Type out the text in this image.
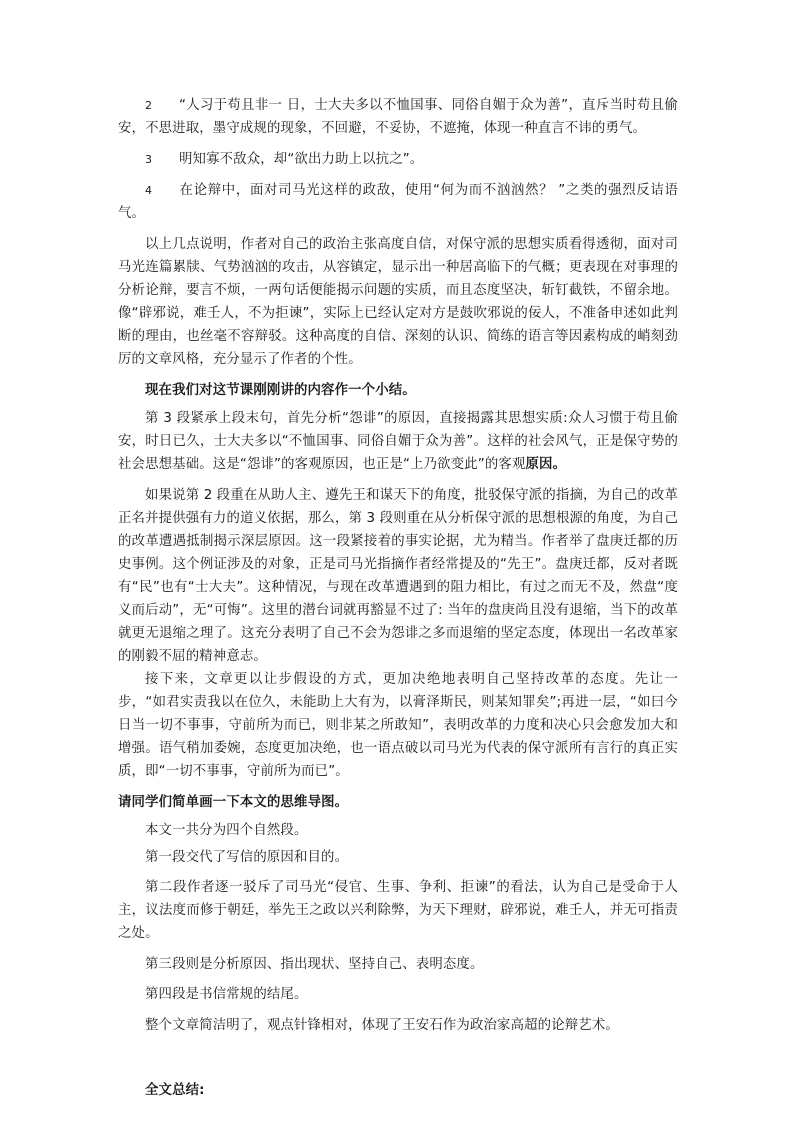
2 “人习于苟且非一 日，士大夫多以不恤国事、同俗自媚于众为善”，直斥当时苟且偷安，不思进取，墨守成规的现象，不回避，不妥协，不遮掩，体现一种直言不讳的勇气。

3 明知寡不敌众，却“欲出力助上以抗之”。

4 在论辩中，面对司马光这样的政敌，使用“何为而不汹汹然？ ”之类的强烈反诘语气。

以上几点说明，作者对自己的政治主张高度自信，对保守派的思想实质看得透彻，面对司马光连篇累牍、气势汹汹的攻击，从容镇定，显示出一种居高临下的气概；更表现在对事理的分析论辩，要言不烦，一两句话便能揭示问题的实质，而且态度坚决，斩钉截铁，不留余地。像“辟邪说，难壬人，不为拒谏”，实际上已经认定对方是鼓吹邪说的佞人，不准备申述如此判断的理由，也丝毫不容辩驳。这种高度的自信、深刻的认识、简练的语言等因素构成的峭刻劲厉的文章风格，充分显示了作者的个性。

现在我们对这节课刚刚讲的内容作一个小结。

第 3 段紧承上段末句，首先分析“怨诽”的原因，直接揭露其思想实质:众人习惯于苟且偷安，时日已久，士大夫多以“不恤国事、同俗自媚于众为善”。这样的社会风气，正是保守势的社会思想基础。这是“怨诽”的客观原因，也正是“上乃欲变此”的客观原因。

如果说第 2 段重在从助人主、遵先王和谋天下的角度，批驳保守派的指摘，为自己的改革正名并提供强有力的道义依据，那么，第 3 段则重在从分析保守派的思想根源的角度，为自己的改革遭遇抵制揭示深层原因。这一段紧接着的事实论据，尤为精当。作者举了盘庚迁都的历史事例。这个例证涉及的对象，正是司马光指摘作者经常提及的“先王”。盘庚迁都，反对者既有“民”也有“士大夫”。这种情况，与现在改革遭遇到的阻力相比，有过之而无不及，然盘“度义而后动”，无“可悔”。这里的潜台词就再豁显不过了: 当年的盘庚尚且没有退缩，当下的改革就更无退缩之理了。这充分表明了自己不会为怨诽之多而退缩的坚定态度，体现出一名改革家的刚毅不屈的精神意志。

接下来，文章更以让步假设的方式，更加决绝地表明自己坚持改革的态度。先让一步，“如君实责我以在位久，未能助上大有为，以膏泽斯民，则某知罪矣”;再进一层，“如曰今日当一切不事事，守前所为而已，则非某之所敢知”，表明改革的力度和决心只会愈发加大和增强。语气稍加委婉，态度更加决绝，也一语点破以司马光为代表的保守派所有言行的真正实质，即“一切不事事，守前所为而已”。

请同学们简单画一下本文的思维导图。

本文一共分为四个自然段。

第一段交代了写信的原因和目的。

第二段作者逐一驳斥了司马光“侵官、生事、争利、拒谏”的看法，认为自己是受命于人主，议法度而修于朝廷，举先王之政以兴利除弊，为天下理财，辟邪说，难壬人，并无可指责之处。

第三段则是分析原因、指出现状、坚持自己、表明态度。

第四段是书信常规的结尾。

整个文章简洁明了，观点针锋相对，体现了王安石作为政治家高超的论辩艺术。

全文总结:
